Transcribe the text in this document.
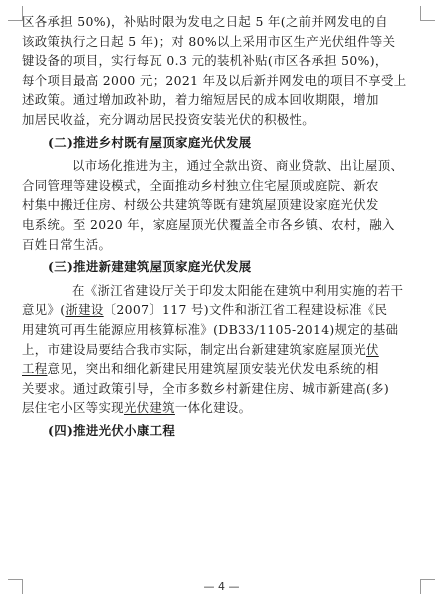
区各承担 50%)，补贴时限为发电之日起 5 年(之前并网发电的自
该政策执行之日起 5 年)；对 80%以上采用市区生产光伏组件等关
键设备的项目，实行每瓦 0.3 元的装机补贴(市区各承担 50%)，
每个项目最高 2000 元；2021 年及以后新并网发电的项目不享受上
述政策。通过增加政补助，着力缩短居民的成本回收期限，增加
加居民收益，充分调动居民投资安装光伏的积极性。
(二)推进乡村既有屋顶家庭光伏发展
以市场化推进为主，通过全款出资、商业贷款、出让屋顶、
合同管理等建设模式，全面推动乡村独立住宅屋顶或庭院、新农
村集中搬迁住房、村级公共建筑等既有建筑屋顶建设家庭光伏发
电系统。至 2020 年，家庭屋顶光伏覆盖全市各乡镇、农村，融入
百姓日常生活。
(三)推进新建建筑屋顶家庭光伏发展
在《浙江省建设厅关于印发太阳能在建筑中利用实施的若干
意见》(浙建设〔2007〕117 号)文件和浙江省工程建设标准《民
用建筑可再生能源应用核算标准》(DB33/1105-2014)规定的基础
上，市建设局要结合我市实际，制定出台新建建筑家庭屋顶光伏
工程意见，突出和细化新建民用建筑屋顶安装光伏发电系统的相
关要求。通过政策引导，全市多数乡村新建住房、城市新建高(多)
层住宅小区等实现光伏建筑一体化建设。
(四)推进光伏小康工程
— 4 —
